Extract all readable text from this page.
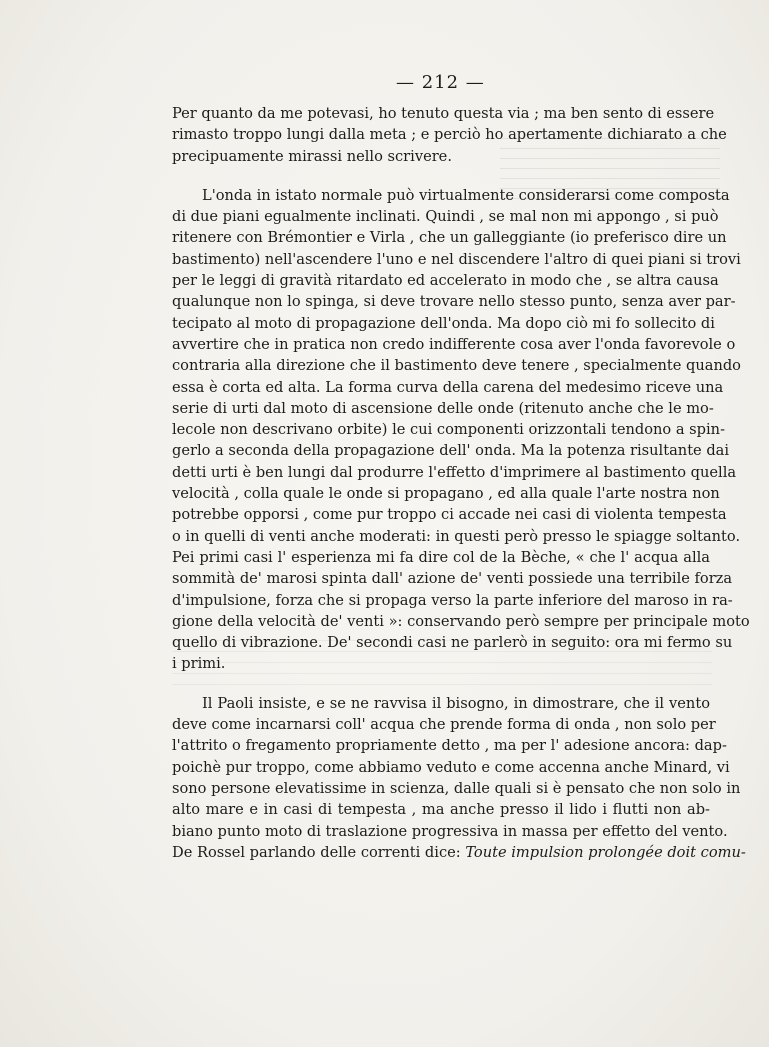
— 212 —
Per quanto da me potevasi, ho tenuto questa via ; ma ben sento di essere
rimasto troppo lungi dalla meta ; e perciò ho apertamente dichiarato a che
precipuamente mirassi nello scrivere.
L'onda in istato normale può virtualmente considerarsi come composta
di due piani egualmente inclinati. Quindi , se mal non mi appongo , si può
ritenere con Brémontier e Virla , che un galleggiante (io preferisco dire un
bastimento) nell'ascendere l'uno e nel discendere l'altro di quei piani si trovi
per le leggi di gravità ritardato ed accelerato in modo che , se altra causa
qualunque non lo spinga, si deve trovare nello stesso punto, senza aver par-
tecipato al moto di propagazione dell'onda. Ma dopo ciò mi fo sollecito di
avvertire che in pratica non credo indifferente cosa aver l'onda favorevole o
contraria alla direzione che il bastimento deve tenere , specialmente quando
essa è corta ed alta. La forma curva della carena del medesimo riceve una
serie di urti dal moto di ascensione delle onde (ritenuto anche che le mo-
lecole non descrivano orbite) le cui componenti orizzontali tendono a spin-
gerlo a seconda della propagazione dell' onda. Ma la potenza risultante dai
detti urti è ben lungi dal produrre l'effetto d'imprimere al bastimento quella
velocità , colla quale le onde si propagano , ed alla quale l'arte nostra non
potrebbe opporsi , come pur troppo ci accade nei casi di violenta tempesta
o in quelli di venti anche moderati: in questi però presso le spiagge soltanto.
Pei primi casi l' esperienza mi fa dire col de la Bèche, « che l' acqua alla
sommità de' marosi spinta dall' azione de' venti possiede una terribile forza
d'impulsione, forza che si propaga verso la parte inferiore del maroso in ra-
gione della velocità de' venti »: conservando però sempre per principale moto
quello di vibrazione. De' secondi casi ne parlerò in seguito: ora mi fermo su
i primi.
Il Paoli insiste, e se ne ravvisa il bisogno, in dimostrare, che il vento
deve come incarnarsi coll' acqua che prende forma di onda , non solo per
l'attrito o fregamento propriamente detto , ma per l' adesione ancora: dap-
poichè pur troppo, come abbiamo veduto e come accenna anche Minard, vi
sono persone elevatissime in scienza, dalle quali si è pensato che non solo in
alto mare e in casi di tempesta , ma anche presso il lido i flutti non ab-
biano punto moto di traslazione progressiva in massa per effetto del vento.
De Rossel parlando delle correnti dice: Toute impulsion prolongée doit comu-
